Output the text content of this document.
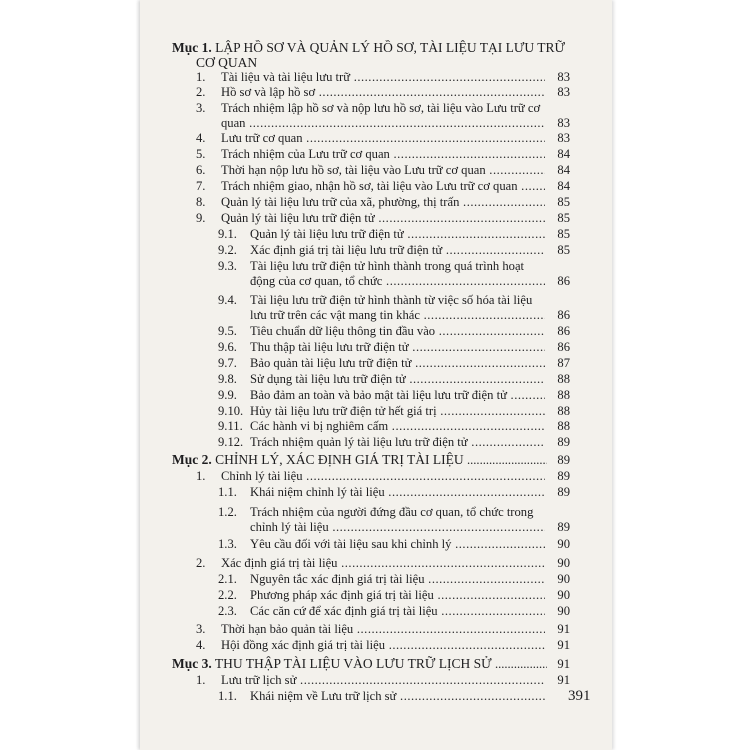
Mục 1. LẬP HỒ SƠ VÀ QUẢN LÝ HỒ SƠ, TÀI LIỆU TẠI LƯU TRỮ
CƠ QUAN
1.	Tài liệu và tài liệu lưu trữ .....	83
2.	Hồ sơ và lập hồ sơ .....	83
3.	Trách nhiệm lập hồ sơ và nộp lưu hồ sơ, tài liệu vào Lưu trữ cơ
quan .....	83
4.	Lưu trữ cơ quan .....	83
5.	Trách nhiệm của Lưu trữ cơ quan .....	84
6.	Thời hạn nộp lưu hồ sơ, tài liệu vào Lưu trữ cơ quan .....	84
7.	Trách nhiệm giao, nhận hồ sơ, tài liệu vào Lưu trữ cơ quan .....	84
8.	Quản lý tài liệu lưu trữ của xã, phường, thị trấn .....	85
9.	Quản lý tài liệu lưu trữ điện tử .....	85
9.1.	Quản lý tài liệu lưu trữ điện tử .....	85
9.2.	Xác định giá trị tài liệu lưu trữ điện tử .....	85
9.3.	Tài liệu lưu trữ điện tử hình thành trong quá trình hoạt
động của cơ quan, tổ chức .....	86
9.4.	Tài liệu lưu trữ điện tử hình thành từ việc số hóa tài liệu
lưu trữ trên các vật mang tin khác .....	86
9.5.	Tiêu chuẩn dữ liệu thông tin đầu vào .....	86
9.6.	Thu thập tài liệu lưu trữ điện tử .....	86
9.7.	Bảo quản tài liệu lưu trữ điện tử .....	87
9.8.	Sử dụng tài liệu lưu trữ điện tử .....	88
9.9.	Bảo đảm an toàn và bảo mật tài liệu lưu trữ điện tử .....	88
9.10. Hủy tài liệu lưu trữ điện tử hết giá trị .....	88
9.11. Các hành vi bị nghiêm cấm .....	88
9.12. Trách nhiệm quản lý tài liệu lưu trữ điện tử .....	89
Mục 2. CHỈNH LÝ, XÁC ĐỊNH GIÁ TRỊ TÀI LIỆU .....	89
1.	Chỉnh lý tài liệu .....	89
1.1.	Khái niệm chỉnh lý tài liệu .....	89
1.2.	Trách nhiệm của người đứng đầu cơ quan, tổ chức trong
chỉnh lý tài liệu .....	89
1.3.	Yêu cầu đối với tài liệu sau khi chỉnh lý .....	90
2.	Xác định giá trị tài liệu .....	90
2.1.	Nguyên tắc xác định giá trị tài liệu .....	90
2.2.	Phương pháp xác định giá trị tài liệu .....	90
2.3.	Các căn cứ để xác định giá trị tài liệu .....	90
3.	Thời hạn bảo quản tài liệu .....	91
4.	Hội đồng xác định giá trị tài liệu .....	91
Mục 3. THU THẬP TÀI LIỆU VÀO LƯU TRỮ LỊCH SỬ .....	91
1.	Lưu trữ lịch sử .....	91
1.1.	Khái niệm về Lưu trữ lịch sử .....	391
